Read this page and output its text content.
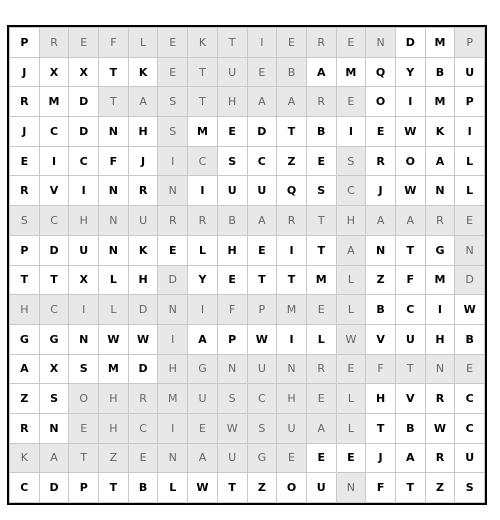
P	R	E	F	L	E	K	T	I	E	R	E	N	D	M	P
J	X	X	T	K	E	T	U	E	B	A	M	Q	Y	B	U
R	M	D	T	A	S	T	H	A	A	R	E	O	I	M	P
J	C	D	N	H	S	M	E	D	T	B	I	E	W	K	I
E	I	C	F	J	I	C	S	C	Z	E	S	R	O	A	L
R	V	I	N	R	N	I	U	U	Q	S	C	J	W	N	L
S	C	H	N	U	R	R	B	A	R	T	H	A	A	R	E
P	D	U	N	K	E	L	H	E	I	T	A	N	T	G	N
T	T	X	L	H	D	Y	E	T	T	M	L	Z	F	M	D
H	C	I	L	D	N	I	F	P	M	E	L	B	C	I	W
G	G	N	W	W	I	A	P	W	I	L	W	V	U	H	B
A	X	S	M	D	H	G	N	U	N	R	E	F	T	N	E
Z	S	O	H	R	M	U	S	C	H	E	L	H	V	R	C
R	N	E	H	C	I	E	W	S	U	A	L	T	B	W	C
K	A	T	Z	E	N	A	U	G	E	E	E	J	A	R	U
C	D	P	T	B	L	W	T	Z	O	U	N	F	T	Z	S
